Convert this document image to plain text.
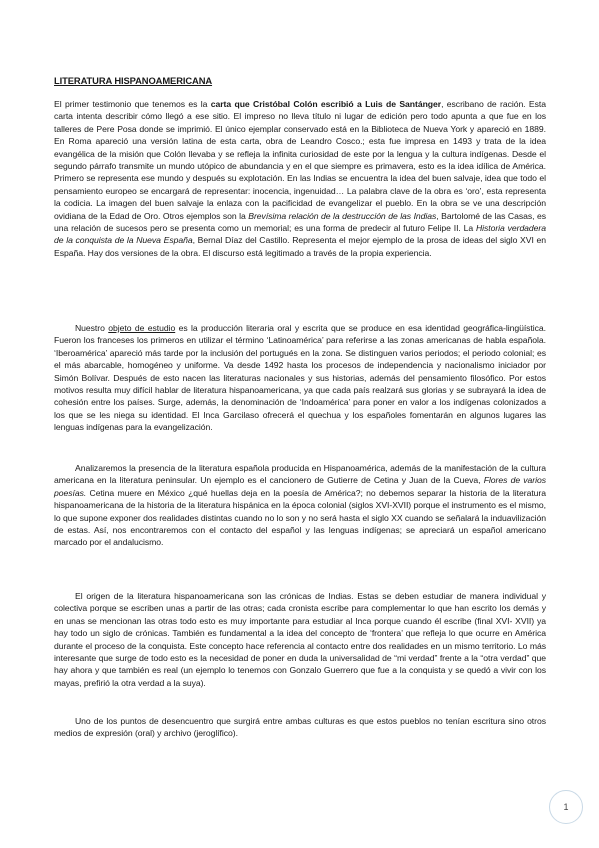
LITERATURA HISPANOAMERICANA

El primer testimonio que tenemos es la carta que Cristóbal Colón escribió a Luis de Santánger, escribano de ración. Esta carta intenta describir cómo llegó a ese sitio. El impreso no lleva título ni lugar de edición pero todo apunta a que fue en los talleres de Pere Posa donde se imprimió. El único ejemplar conservado está en la Biblioteca de Nueva York y apareció en 1889. En Roma apareció una versión latina de esta carta, obra de Leandro Cosco.; esta fue impresa en 1493 y trata de la idea evangélica de la misión que Colón llevaba y se refleja la infinita curiosidad de este por la lengua y la cultura indígenas. Desde el segundo párrafo transmite un mundo utópico de abundancia y en el que siempre es primavera, esto es la idea idílica de América. Primero se representa ese mundo y después su explotación. En las Indias se encuentra la idea del buen salvaje, idea que todo el pensamiento europeo se encargará de representar: inocencia, ingenuidad… La palabra clave de la obra es ‘oro’, esta representa la codicia. La imagen del buen salvaje la enlaza con la pacificidad de evangelizar el pueblo. En la obra se ve una descripción ovidiana de la Edad de Oro. Otros ejemplos son la Brevísima relación de la destrucción de las Indias, Bartolomé de las Casas, es una relación de sucesos pero se presenta como un memorial; es una forma de predecir al futuro Felipe II. La Historia verdadera de la conquista de la Nueva España, Bernal Díaz del Castillo. Representa el mejor ejemplo de la prosa de ideas del siglo XVI en España. Hay dos versiones de la obra. El discurso está legitimado a través de la propia experiencia.

Nuestro objeto de estudio es la producción literaria oral y escrita que se produce en esa identidad geográfica-lingüística. Fueron los franceses los primeros en utilizar el término ‘Latinoamérica’ para referirse a las zonas americanas de habla española. ‘Iberoamérica’ apareció más tarde por la inclusión del portugués en la zona. Se distinguen varios periodos; el periodo colonial; es el más abarcable, homogéneo y uniforme. Va desde 1492 hasta los procesos de independencia y nacionalismo iniciador por Simón Bolívar. Después de esto nacen las literaturas nacionales y sus historias, además del pensamiento filosófico. Por estos motivos resulta muy difícil hablar de literatura hispanoamericana, ya que cada país realzará sus glorias y se subrayará la idea de cohesión entre los países. Surge, además, la denominación de ‘Indoamérica’ para poner en valor a los indígenas colonizados a los que se les niega su identidad. El Inca Garcilaso ofrecerá el quechua y los españoles fomentarán en algunos lugares las lenguas indígenas para la evangelización.

Analizaremos la presencia de la literatura española producida en Hispanoamérica, además de la manifestación de la cultura americana en la literatura peninsular. Un ejemplo es el cancionero de Gutierre de Cetina y Juan de la Cueva, Flores de varios poesías. Cetina muere en México ¿qué huellas deja en la poesía de América?; no debemos separar la historia de la literatura hispanoamericana de la historia de la literatura hispánica en la época colonial (siglos XVI-XVII) porque el instrumento es el mismo, lo que supone exponer dos realidades distintas cuando no lo son y no será hasta el siglo XX cuando se señalará la induavilización de estas. Así, nos encontraremos con el contacto del español y las lenguas indígenas; se apreciará un español americano marcado por el andalucismo.

El origen de la literatura hispanoamericana son las crónicas de Indias. Estas se deben estudiar de manera individual y colectiva porque se escriben unas a partir de las otras; cada cronista escribe para complementar lo que han escrito los demás y en unas se mencionan las otras todo esto es muy importante para estudiar al Inca porque cuando él escribe (final XVI- XVII) ya hay todo un siglo de crónicas. También es fundamental a la idea del concepto de ‘frontera’ que refleja lo que ocurre en América durante el proceso de la conquista. Este concepto hace referencia al contacto entre dos realidades en un mismo territorio. Lo más interesante que surge de todo esto es la necesidad de poner en duda la universalidad de “mi verdad” frente a la “otra verdad” que hay ahora y que también es real (un ejemplo lo tenemos con Gonzalo Guerrero que fue a la conquista y se quedó a vivir con los mayas, prefirió la otra verdad a la suya).

Uno de los puntos de desencuentro que surgirá entre ambas culturas es que estos pueblos no tenían escritura sino otros medios de expresión (oral) y archivo (jeroglífico).

1
